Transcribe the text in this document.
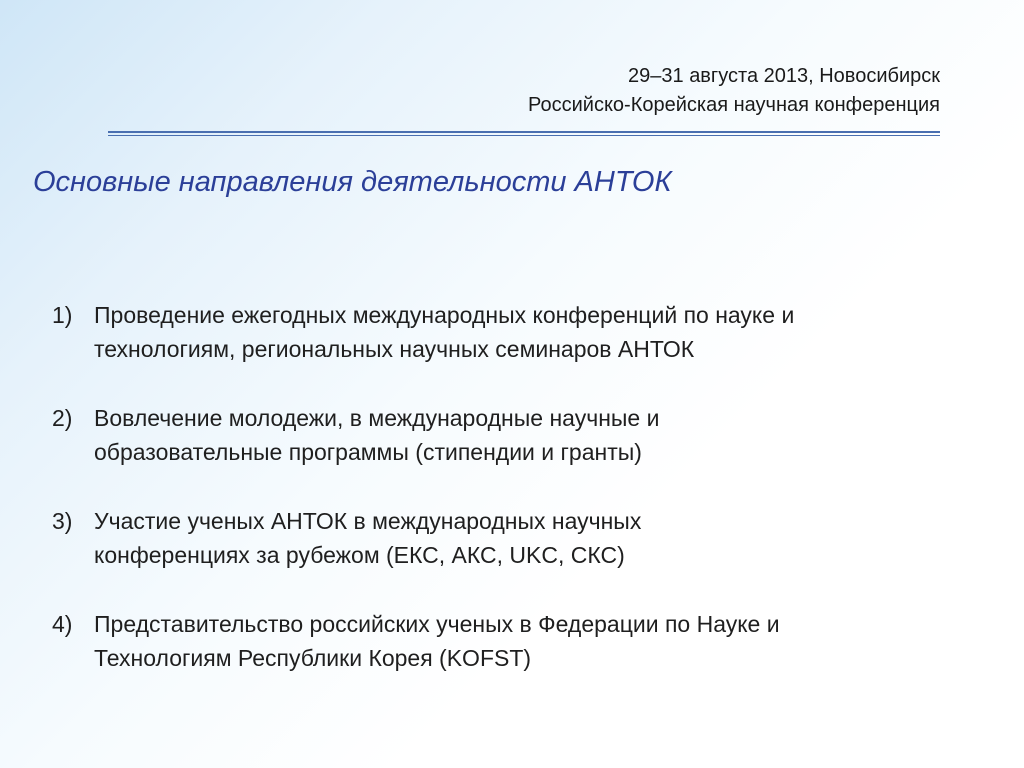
29–31 августа 2013, Новосибирск
Российско-Корейская научная конференция
Основные направления деятельности АНТОК
1) Проведение ежегодных международных конференций по науке и
технологиям, региональных научных семинаров АНТОК
2) Вовлечение молодежи, в международные научные и
образовательные программы (стипендии и гранты)
3) Участие ученых АНТОК в международных научных
конференциях за рубежом (ЕКС, АКС, UKC, СКС)
4) Представительство российских ученых в Федерации по Науке и
Технологиям Республики Корея (KOFST)
